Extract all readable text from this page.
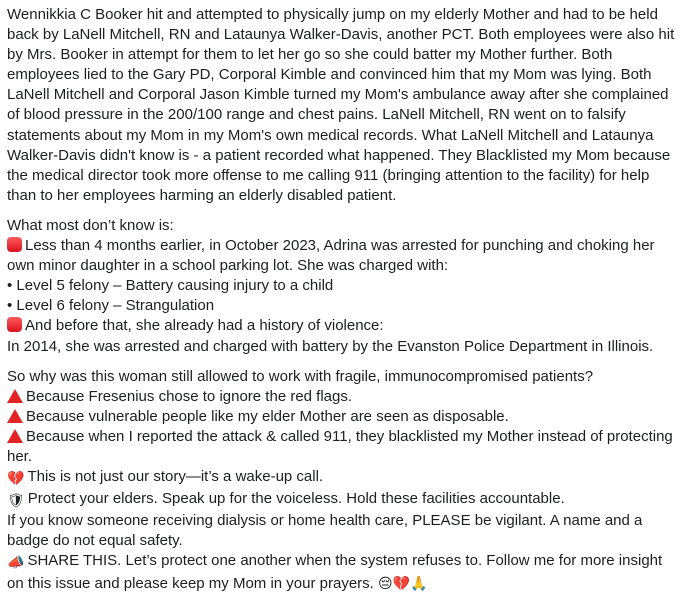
Wennikkia C Booker hit and attempted to physically jump on my elderly Mother and had to be held
back by LaNell Mitchell, RN and Lataunya Walker-Davis, another PCT. Both employees were also hit
by Mrs. Booker in attempt for them to let her go so she could batter my Mother further. Both
employees lied to the Gary PD, Corporal Kimble and convinced him that my Mom was lying. Both
LaNell Mitchell and Corporal Jason Kimble turned my Mom's ambulance away after she complained
of blood pressure in the 200/100 range and chest pains. LaNell Mitchell, RN went on to falsify
statements about my Mom in my Mom's own medical records. What LaNell Mitchell and Lataunya
Walker-Davis didn't know is - a patient recorded what happened. They Blacklisted my Mom because
the medical director took more offense to me calling 911 (bringing attention to the facility) for help
than to her employees harming an elderly disabled patient.
What most don’t know is:
Less than 4 months earlier, in October 2023, Adrina was arrested for punching and choking her
own minor daughter in a school parking lot. She was charged with:
• Level 5 felony – Battery causing injury to a child
• Level 6 felony – Strangulation
And before that, she already had a history of violence:
In 2014, she was arrested and charged with battery by the Evanston Police Department in Illinois.
So why was this woman still allowed to work with fragile, immunocompromised patients?
Because Fresenius chose to ignore the red flags.
Because vulnerable people like my elder Mother are seen as disposable.
Because when I reported the attack & called 911, they blacklisted my Mother instead of protecting
her.
💔 This is not just our story—it’s a wake-up call.
🛡 Protect your elders. Speak up for the voiceless. Hold these facilities accountable.
If you know someone receiving dialysis or home health care, PLEASE be vigilant. A name and a
badge do not equal safety.
📣 SHARE THIS. Let’s protect one another when the system refuses to. Follow me for more insight
on this issue and please keep my Mom in your prayers. 😔💔🙏
